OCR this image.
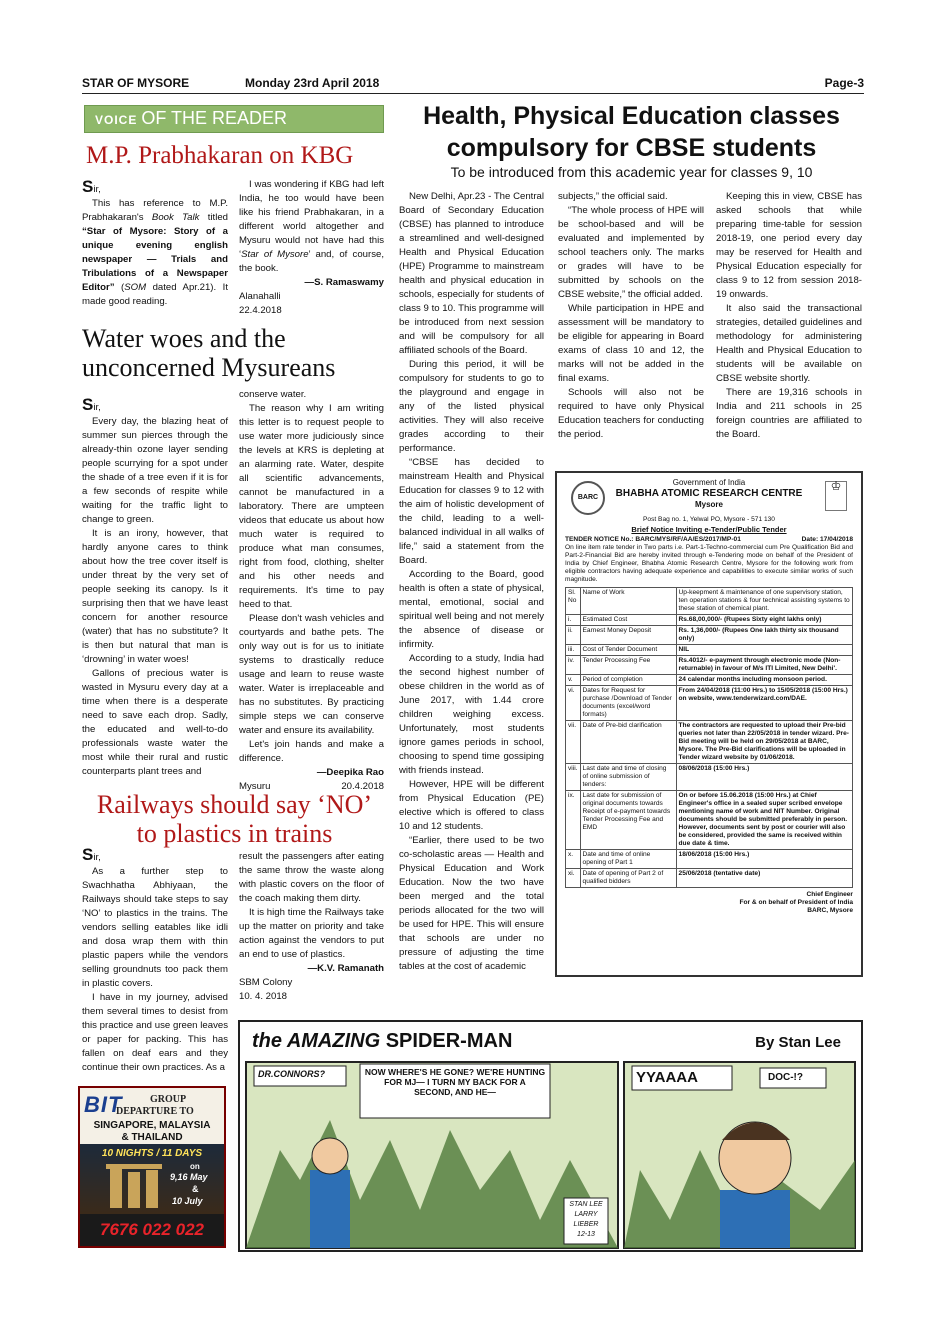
STAR OF MYSORE	Monday 23rd April 2018	Page-3
VOICE OF THE READER
M.P. Prabhakaran on KBG

Sir,

This has reference to M.P. Prabhakaran's Book Talk titled “Star of Mysore: Story of a unique evening english newspaper — Trials and Tribulations of a Newspaper Editor” (SOM dated Apr.21). It made good reading.

I was wondering if KBG had left India, he too would have been like his friend Prabhakaran, in a different world altogether and Mysuru would not have had this ‘Star of Mysore’ and, of course, the book.

—S. Ramaswamy

Alanahalli

22.4.2018

Water woes and the
unconcerned Mysureans

Sir,

Every day, the blazing heat of summer sun pierces through the already-thin ozone layer sending people scurrying for a spot under the shade of a tree even if it is for a few seconds of respite while waiting for the traffic light to change to green.

It is an irony, however, that hardly anyone cares to think about how the tree cover itself is under threat by the very set of people seeking its canopy. Is it surprising then that we have least concern for another resource (water) that has no substitute? It is then but natural that man is ‘drowning’ in water woes!

Gallons of precious water is wasted in Mysuru every day at a time when there is a desperate need to save each drop. Sadly, the educated and well-to-do professionals waste water the most while their rural and rustic counterparts plant trees and

conserve water.

The reason why I am writing this letter is to request people to use water more judiciously since the levels at KRS is depleting at an alarming rate. Water, despite all scientific advancements, cannot be manufactured in a laboratory. There are umpteen videos that educate us about how much water is required to produce what man consumes, right from food, clothing, shelter and his other needs and requirements. It's time to pay heed to that.

Please don't wash vehicles and courtyards and bathe pets. The only way out is for us to initiate systems to drastically reduce usage and learn to reuse waste water. Water is irreplaceable and has no substitutes. By practicing simple steps we can conserve water and ensure its availability.

Let's join hands and make a difference.

—Deepika Rao

Mysuru	20.4.2018

Railways should say ‘NO’
to plastics in trains

Sir,

As a further step to Swachhatha Abhiyaan, the Railways should take steps to say ‘NO’ to plastics in the trains. The vendors selling eatables like idli and dosa wrap them with thin plastic papers while the vendors selling groundnuts too pack them in plastic covers.

I have in my journey, advised them several times to desist from this practice and use green leaves or paper for packing. This has fallen on deaf ears and they continue their own practices. As a

result the passengers after eating the same throw the waste along with plastic covers on the floor of the coach making them dirty.

It is high time the Railways take up the matter on priority and take action against the vendors to put an end to use of plastics.

—K.V. Ramanath

SBM Colony

10. 4. 2018

Health, Physical Education classes
compulsory for CBSE students
To be introduced from this academic year for classes 9, 10

New Delhi, Apr.23 - The Central Board of Secondary Education (CBSE) has planned to introduce a streamlined and well-designed Health and Physical Education (HPE) Programme to mainstream health and physical education in schools, especially for students of class 9 to 10. This programme will be introduced from next session and will be compulsory for all affiliated schools of the Board.

During this period, it will be compulsory for students to go to the playground and engage in any of the listed physical activities. They will also receive grades according to their performance.

“CBSE has decided to mainstream Health and Physical Education for classes 9 to 12 with the aim of holistic development of the child, leading to a well-balanced individual in all walks of life,” said a statement from the Board.

According to the Board, good health is often a state of physical, mental, emotional, social and spiritual well being and not merely the absence of disease or infirmity.

According to a study, India had the second highest number of obese children in the world as of June 2017, with 1.44 crore children weighing excess. Unfortunately, most students ignore games periods in school, choosing to spend time gossiping with friends instead.

However, HPE will be different from Physical Education (PE) elective which is offered to class 10 and 12 students.

“Earlier, there used to be two co-scholastic areas — Health and Physical Education and Work Education. Now the two have been merged and the total periods allocated for the two will be used for HPE. This will ensure that schools are under no pressure of adjusting the time tables at the cost of academic

subjects,” the official said.

“The whole process of HPE will be school-based and will be evaluated and implemented by school teachers only. The marks or grades will have to be submitted by schools on the CBSE website,” the official added.

While participation in HPE and assessment will be mandatory to be eligible for appearing in Board exams of class 10 and 12, the marks will not be added in the final exams.

Schools will also not be required to have only Physical Education teachers for conducting the period.

Keeping this in view, CBSE has asked schools that while preparing time-table for session 2018-19, one period every day may be reserved for Health and Physical Education especially for class 9 to 12 from session 2018-19 onwards.

It also said the transactional strategies, detailed guidelines and methodology for administering Health and Physical Education to students will be available on CBSE website shortly.

There are 19,316 schools in India and 211 schools in 25 foreign countries are affiliated to the Board.

BARC
♔
Government of India
BHABHA ATOMIC RESEARCH CENTRE
Mysore
Post Bag no. 1, Yelwal PO, Mysore - 571 130
Brief Notice Inviting e-Tender/Public Tender
TENDER NOTICE No.: BARC/MYS/RF/AA/ES/2017/MP-01	Date: 17/04/2018
On line item rate tender in Two parts i.e. Part-1-Techno-commercial cum Pre Qualification Bid and Part-2-Financial Bid are hereby invited through e-Tendering mode on behalf of the President of India by Chief Engineer, Bhabha Atomic Research Centre, Mysore for the following work from eligible contractors having adequate experience and capabilities to execute similar works of such magnitude.
Sl. No	Name of Work	Up-keepment & maintenance of one supervisory station, ten operation stations & four technical assisting systems to these station of chemical plant.
i.	Estimated Cost	Rs.68,00,000/- (Rupees Sixty eight lakhs only)
ii.	Earnest Money Deposit	Rs. 1,36,000/- (Rupees One lakh thirty six thousand only)
iii.	Cost of Tender Document	NIL
iv.	Tender Processing Fee	Rs.4012/- e-payment through electronic mode (Non- returnable) in favour of M/s ITI Limited, New Delhi'.
v.	Period of completion	24 calendar months including monsoon period.
vi.	Dates for Request for purchase /Download of Tender documents (excel/word formats)	From 24/04/2018 (11:00 Hrs.) to 15/05/2018 (15:00 Hrs.) on website, www.tenderwizard.com/DAE.
vii.	Date of Pre-bid clarification	The contractors are requested to upload their Pre-bid queries not later than 22/05/2018 in tender wizard. Pre-Bid meeting will be held on 29/05/2018 at BARC, Mysore. The Pre-Bid clarifications will be uploaded in Tender wizard website by 01/06/2018.
viii.	Last date and time of closing of online submission of tenders:	08/06/2018 (15:00 Hrs.)
ix.	Last date for submission of original documents towards Receipt of e-payment towards Tender Processing Fee and EMD	On or before 15.06.2018 (15:00 Hrs.) at Chief Engineer's office in a sealed super scribed envelope mentioning name of work and NIT Number. Original documents should be submitted preferably in person. However, documents sent by post or courier will also be considered, provided the same is received within due date & time.
x.	Date and time of online opening of Part 1	18/06/2018 (15:00 Hrs.)
xi.	Date of opening of Part 2 of qualified bidders	25/06/2018 (tentative date)
Chief Engineer
For & on behalf of President of India
BARC, Mysore
BIT	GROUP
DEPARTURE TO
SINGAPORE, MALAYSIA
& THAILAND
10 NIGHTS / 11 DAYS
on
9,16 May
&
10 July
7676 022 022
the AMAZING SPIDER-MAN	By Stan Lee
DR.CONNORS?	NOW WHERE'S HE GONE? WE'RE HUNTING FOR MJ— I TURN MY BACK FOR A SECOND, AND HE—
YYAAAA	DOC-!?
STAN LEE
LARRY LIEBER
12-13
